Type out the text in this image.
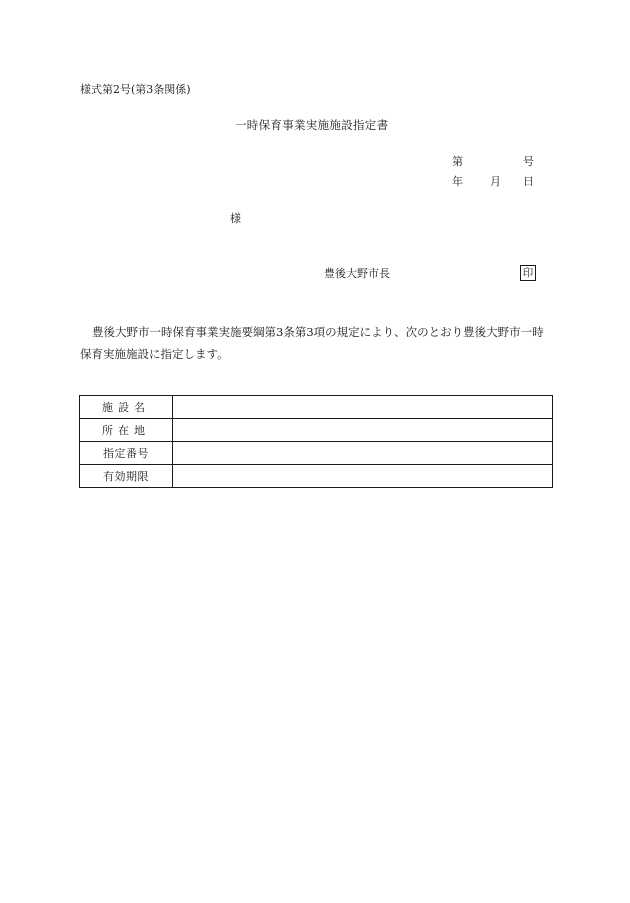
様式第2号(第3条関係)
一時保育事業実施施設指定書
第	号
年 月 日
様
豊後大野市長	印

豊後大野市一時保育事業実施要綱第3条第3項の規定により、次のとおり豊後大野市一時保育実施施設に指定します。

施設名	
所在地	
指定番号	
有効期限	
